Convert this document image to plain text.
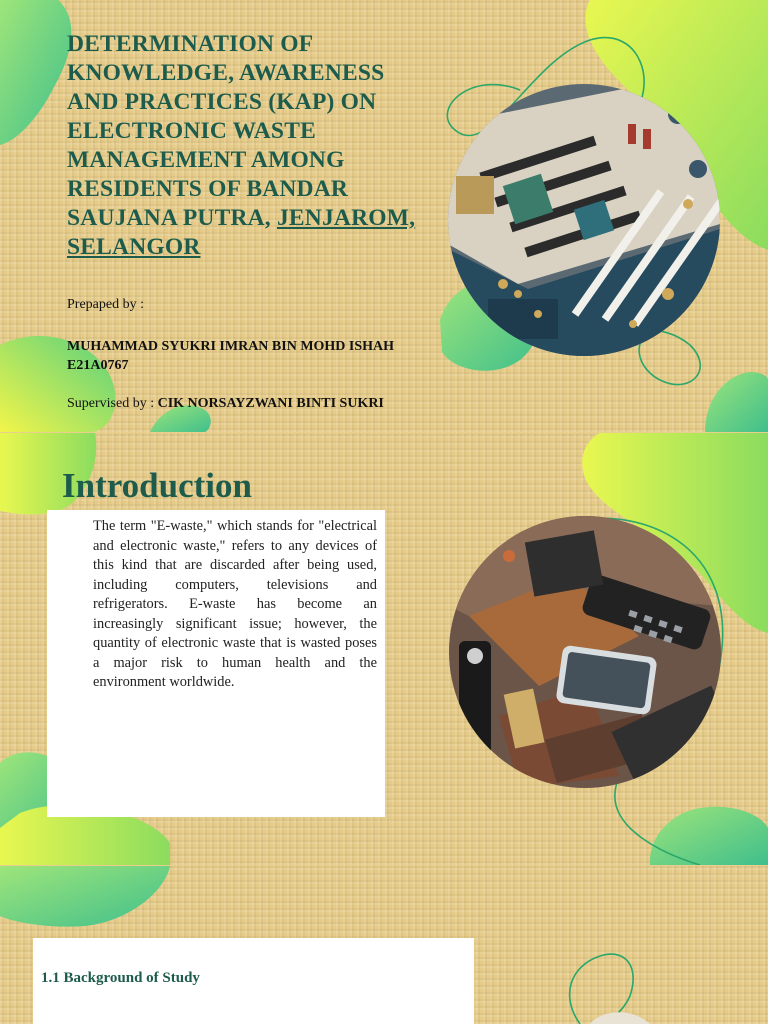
DETERMINATION OF KNOWLEDGE, AWARENESS AND PRACTICES (KAP) ON ELECTRONIC WASTE MANAGEMENT AMONG RESIDENTS OF BANDAR SAUJANA PUTRA, JENJAROM, SELANGOR
Prepaped by :
MUHAMMAD SYUKRI IMRAN BIN MOHD ISHAH
E21A0767
Supervised by : CIK NORSAYZWANI BINTI SUKRI
Introduction

The term "E-waste," which stands for "electrical and electronic waste," refers to any devices of this kind that are discarded after being used, including computers, televisions and refrigerators. E-waste has become an increasingly significant issue; however, the quantity of electronic waste that is wasted poses a major risk to human health and the environment worldwide.

1.1 Background of Study
